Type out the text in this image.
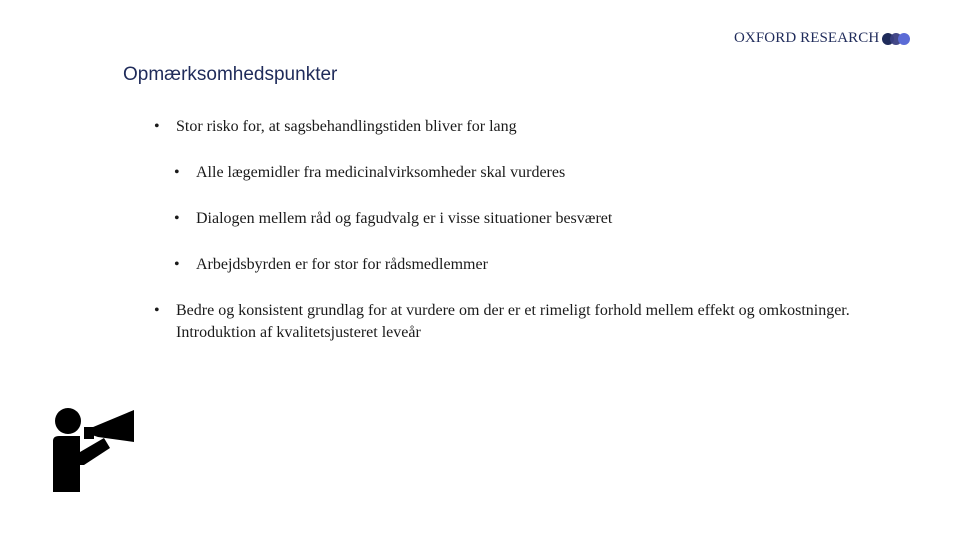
OXFORD RESEARCH
Opmærksomhedspunkter
•	Stor risko for, at sagsbehandlingstiden bliver for lang
•	Alle lægemidler fra medicinalvirksomheder skal vurderes
•	Dialogen mellem råd og fagudvalg er i visse situationer besværet
•	Arbejdsbyrden er for stor for rådsmedlemmer
•	Bedre og konsistent grundlag for at vurdere om der er et rimeligt forhold mellem effekt og omkostninger. Introduktion af kvalitetsjusteret leveår
